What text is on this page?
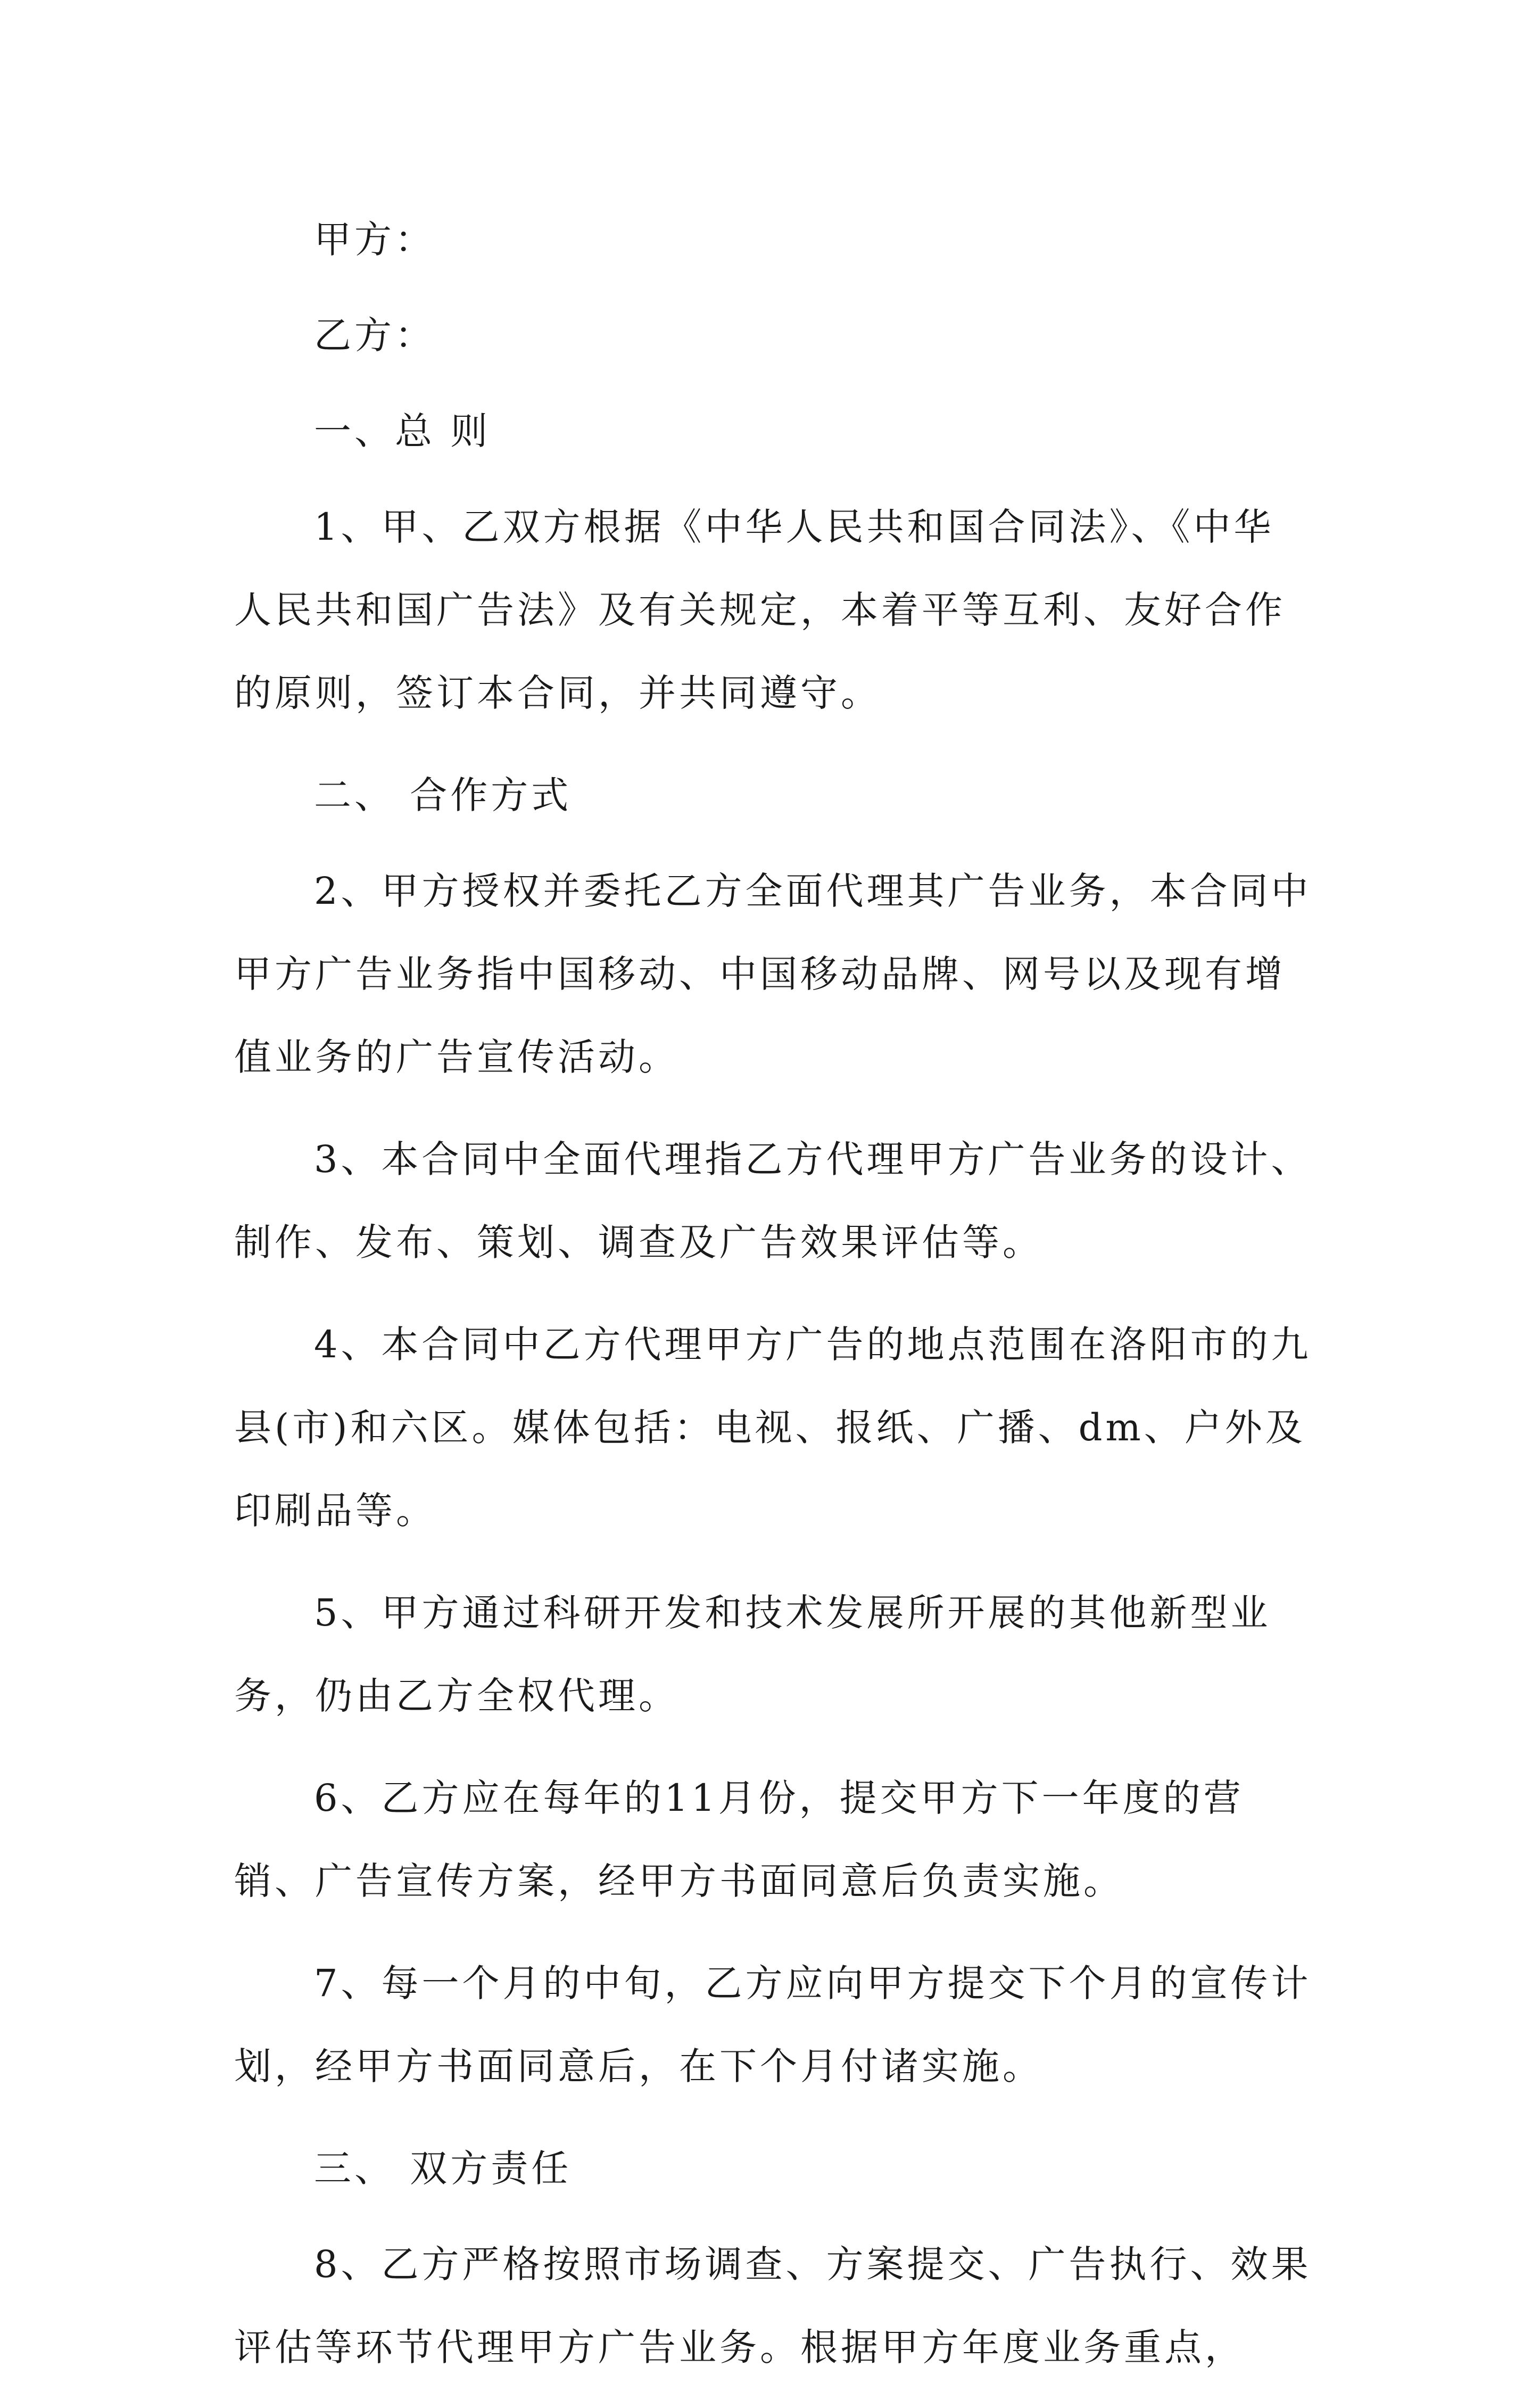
甲方：

乙方：

一、总 则

1、甲、乙双方根据《中华人民共和国合同法》、《中华人民共和国广告法》及有关规定，本着平等互利、友好合作的原则，签订本合同，并共同遵守。

二、 合作方式

2、甲方授权并委托乙方全面代理其广告业务，本合同中甲方广告业务指中国移动、中国移动品牌、网号以及现有增值业务的广告宣传活动。

3、本合同中全面代理指乙方代理甲方广告业务的设计、制作、发布、策划、调查及广告效果评估等。

4、本合同中乙方代理甲方广告的地点范围在洛阳市的九县(市)和六区。媒体包括：电视、报纸、广播、dm、户外及印刷品等。

5、甲方通过科研开发和技术发展所开展的其他新型业务，仍由乙方全权代理。

6、乙方应在每年的11月份，提交甲方下一年度的营销、广告宣传方案，经甲方书面同意后负责实施。

7、每一个月的中旬，乙方应向甲方提交下个月的宣传计划，经甲方书面同意后，在下个月付诸实施。

三、 双方责任

8、乙方严格按照市场调查、方案提交、广告执行、效果评估等环节代理甲方广告业务。根据甲方年度业务重点，
